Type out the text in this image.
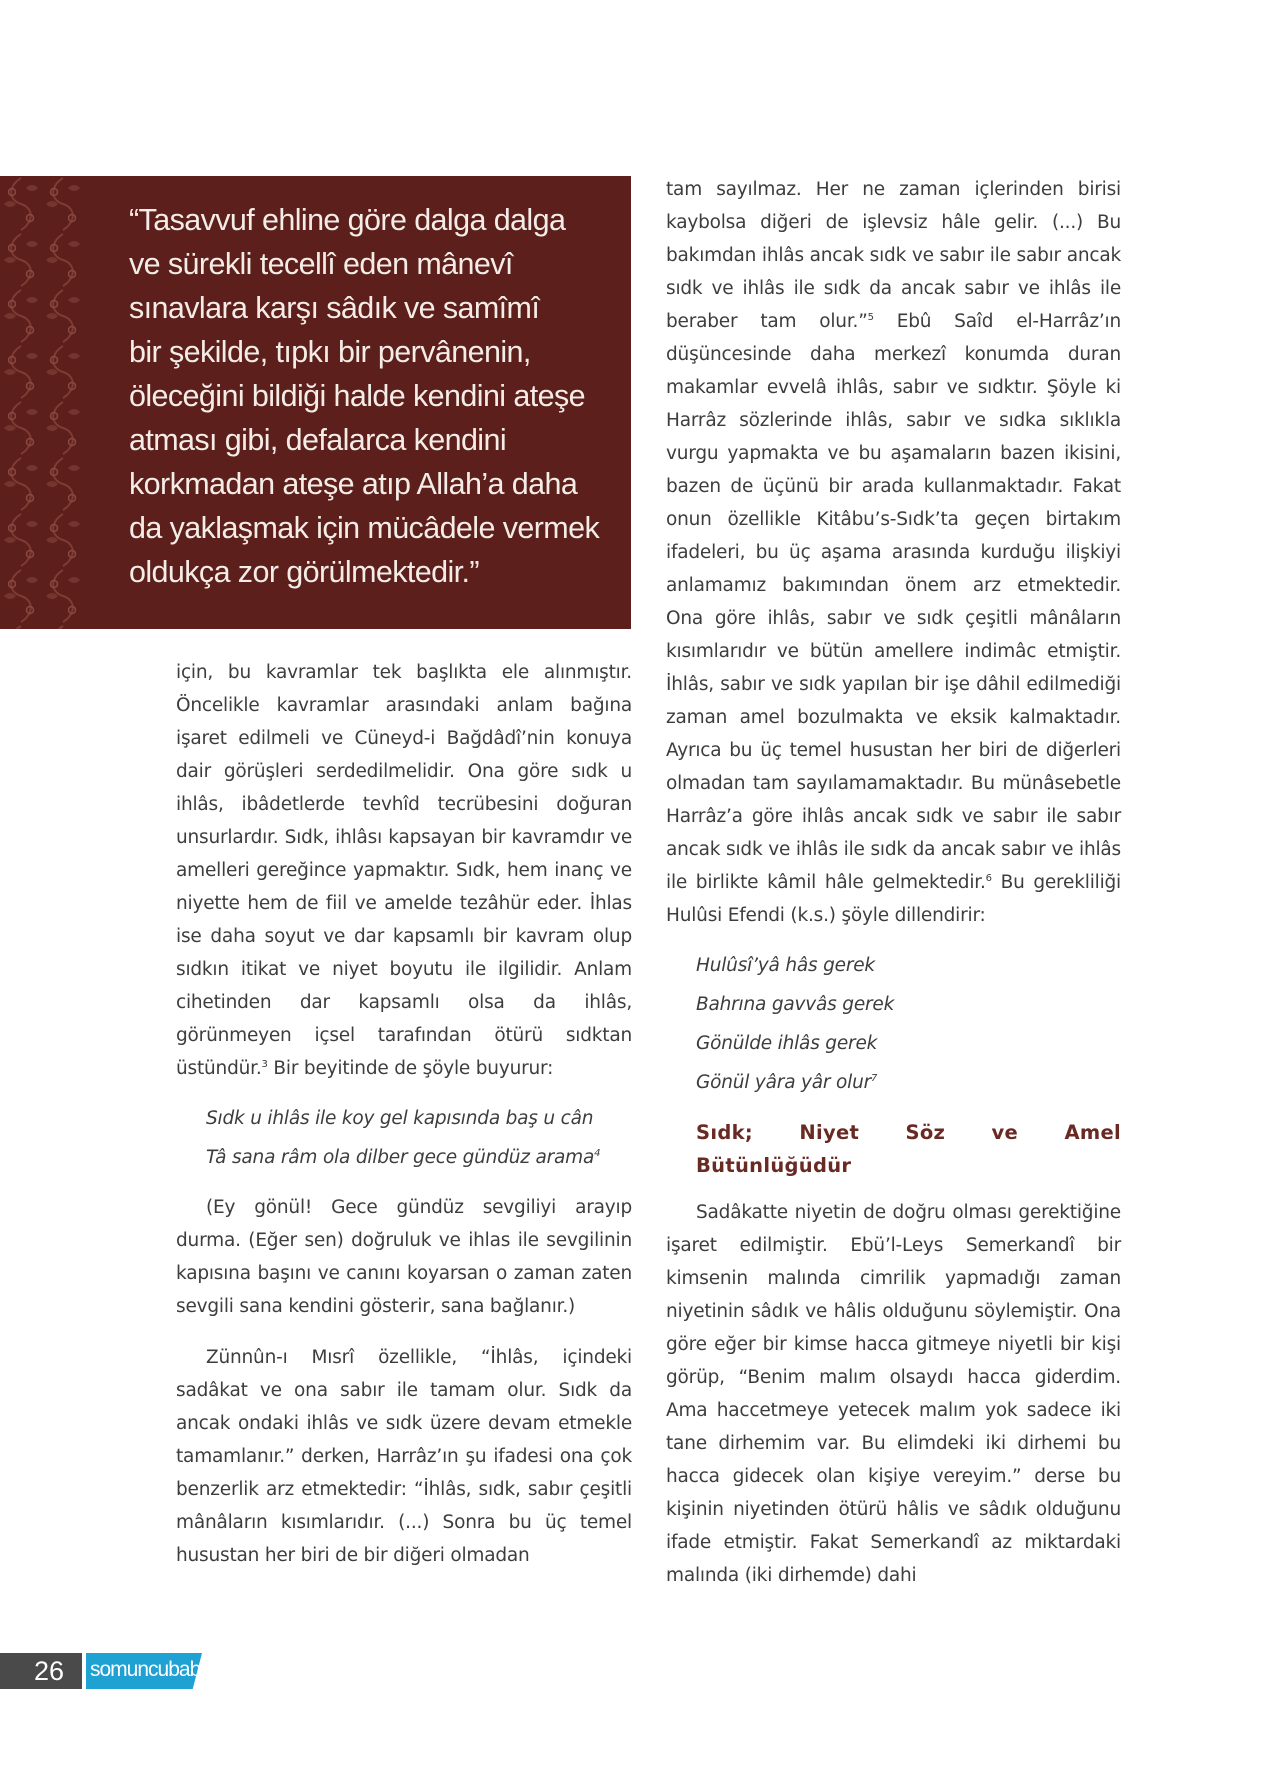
“Tasavvuf ehline göre dalga dalga
ve sürekli tecellî eden mânevî
sınavlara karşı sâdık ve samîmî
bir şekilde, tıpkı bir pervânenin,
öleceğini bildiği halde kendini ateşe
atması gibi, defalarca kendini
korkmadan ateşe atıp Allah’a daha
da yaklaşmak için mücâdele vermek
oldukça zor görülmektedir.”

için, bu kavramlar tek başlıkta ele alınmıştır. Öncelikle kavramlar arasındaki anlam bağına işaret edilmeli ve Cüneyd-i Bağdâdî’nin konuya dair görüşleri serdedilmelidir. Ona göre sıdk u ihlâs, ibâdetlerde tevhîd tecrübesini doğuran unsurlardır. Sıdk, ihlâsı kapsayan bir kavramdır ve amelleri gereğince yapmaktır. Sıdk, hem inanç ve niyette hem de fiil ve amelde tezâhür eder. İhlas ise daha soyut ve dar kapsamlı bir kavram olup sıdkın itikat ve niyet boyutu ile ilgilidir. Anlam cihetinden dar kapsamlı olsa da ihlâs, görünmeyen içsel tarafından ötürü sıdktan üstündür.$^3$ Bir beyitinde de şöyle buyurur:

Sıdk u ihlâs ile koy gel kapısında baş u cân

Tâ sana râm ola dilber gece gündüz arama$^4$

(Ey gönül! Gece gündüz sevgiliyi arayıp durma. (Eğer sen) doğruluk ve ihlas ile sevgilinin kapısına başını ve canını koyarsan o zaman zaten sevgili sana kendini gösterir, sana bağlanır.)

Zünnûn-ı Mısrî özellikle, “İhlâs, içindeki sadâkat ve ona sabır ile tamam olur. Sıdk da ancak ondaki ihlâs ve sıdk üzere devam etmekle tamamlanır.” derken, Harrâz’ın şu ifadesi ona çok benzerlik arz etmektedir: “İhlâs, sıdk, sabır çeşitli mânâların kısımlarıdır. (...) Sonra bu üç temel husustan her biri de bir diğeri olmadan

tam sayılmaz. Her ne zaman içlerinden birisi kaybolsa diğeri de işlevsiz hâle gelir. (...) Bu bakımdan ihlâs ancak sıdk ve sabır ile sabır ancak sıdk ve ihlâs ile sıdk da ancak sabır ve ihlâs ile beraber tam olur.”$^5$ Ebû Saîd el-Harrâz’ın düşüncesinde daha merkezî konumda duran makamlar evvelâ ihlâs, sabır ve sıdktır. Şöyle ki Harrâz sözlerinde ihlâs, sabır ve sıdka sıklıkla vurgu yapmakta ve bu aşamaların bazen ikisini, bazen de üçünü bir arada kullanmaktadır. Fakat onun özellikle Kitâbu’s-Sıdk’ta geçen birtakım ifadeleri, bu üç aşama arasında kurduğu ilişkiyi anlamamız bakımından önem arz etmektedir. Ona göre ihlâs, sabır ve sıdk çeşitli mânâların kısımlarıdır ve bütün amellere indimâc etmiştir. İhlâs, sabır ve sıdk yapılan bir işe dâhil edilmediği zaman amel bozulmakta ve eksik kalmaktadır. Ayrıca bu üç temel husustan her biri de diğerleri olmadan tam sayılamamaktadır. Bu münâsebetle Harrâz’a göre ihlâs ancak sıdk ve sabır ile sabır ancak sıdk ve ihlâs ile sıdk da ancak sabır ve ihlâs ile birlikte kâmil hâle gelmektedir.$^6$ Bu gerekliliği Hulûsi Efendi (k.s.) şöyle dillendirir:

Hulûsî’yâ hâs gerek

Bahrına gavvâs gerek

Gönülde ihlâs gerek

Gönül yâra yâr olur$^7$

Sıdk; Niyet Söz ve Amel Bütünlüğüdür

Sadâkatte niyetin de doğru olması gerektiğine işaret edilmiştir. Ebü’l-Leys Semerkandî bir kimsenin malında cimrilik yapmadığı zaman niyetinin sâdık ve hâlis olduğunu söylemiştir. Ona göre eğer bir kimse hacca gitmeye niyetli bir kişi görüp, “Benim malım olsaydı hacca giderdim. Ama haccetmeye yetecek malım yok sadece iki tane dirhemim var. Bu elimdeki iki dirhemi bu hacca gidecek olan kişiye vereyim.” derse bu kişinin niyetinden ötürü hâlis ve sâdık olduğunu ifade etmiştir. Fakat Semerkandî az miktardaki malında (iki dirhemde) dahi

26 somuncubaba
